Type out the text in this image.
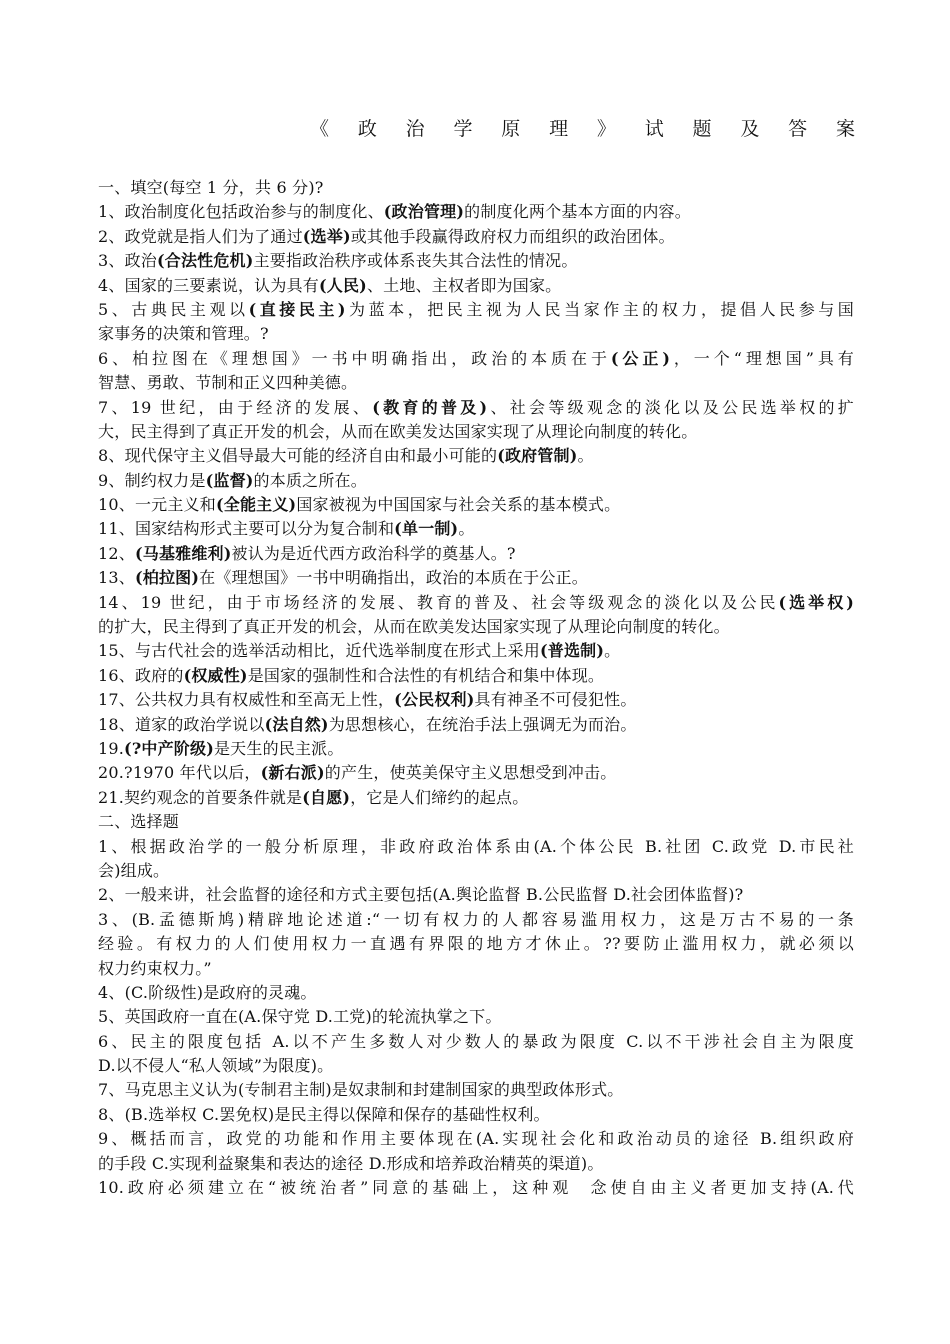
《政治学原理》试题及答案
一、填空(每空 1 分，共 6 分)?
1、政治制度化包括政治参与的制度化、(政治管理)的制度化两个基本方面的内容。
2、政党就是指人们为了通过(选举)或其他手段赢得政府权力而组织的政治团体。
3、政治(合法性危机)主要指政治秩序或体系丧失其合法性的情况。
4、国家的三要素说，认为具有(人民)、土地、主权者即为国家。
5、古典民主观以(直接民主)为蓝本，把民主视为人民当家作主的权力，提倡人民参与国
家事务的决策和管理。?
6、柏拉图在《理想国》一书中明确指出，政治的本质在于(公正)，一个“理想国”具有
智慧、勇敢、节制和正义四种美德。
7、19 世纪，由于经济的发展、(教育的普及)、社会等级观念的淡化以及公民选举权的扩
大，民主得到了真正开发的机会，从而在欧美发达国家实现了从理论向制度的转化。
8、现代保守主义倡导最大可能的经济自由和最小可能的(政府管制)。
9、制约权力是(监督)的本质之所在。
10、一元主义和(全能主义)国家被视为中国国家与社会关系的基本模式。
11、国家结构形式主要可以分为复合制和(单一制)。
12、(马基雅维利)被认为是近代西方政治科学的奠基人。?
13、(柏拉图)在《理想国》一书中明确指出，政治的本质在于公正。
14、19 世纪，由于市场经济的发展、教育的普及、社会等级观念的淡化以及公民(选举权)
的扩大，民主得到了真正开发的机会，从而在欧美发达国家实现了从理论向制度的转化。
15、与古代社会的选举活动相比，近代选举制度在形式上采用(普选制)。
16、政府的(权威性)是国家的强制性和合法性的有机结合和集中体现。
17、公共权力具有权威性和至高无上性，(公民权利)具有神圣不可侵犯性。
18、道家的政治学说以(法自然)为思想核心，在统治手法上强调无为而治。
19.(?中产阶级)是天生的民主派。
20.?1970 年代以后，(新右派)的产生，使英美保守主义思想受到冲击。
21.契约观念的首要条件就是(自愿)，它是人们缔约的起点。
二、选择题
1、根据政治学的一般分析原理，非政府政治体系由(A.个体公民 B.社团 C.政党 D.市民社
会)组成。
2、一般来讲，社会监督的途径和方式主要包括(A.舆论监督 B.公民监督 D.社会团体监督)?
3、(B.孟德斯鸠)精辟地论述道:“一切有权力的人都容易滥用权力，这是万古不易的一条
经验。有权力的人们使用权力一直遇有界限的地方才休止。??要防止滥用权力，就必须以
权力约束权力。”
4、(C.阶级性)是政府的灵魂。
5、英国政府一直在(A.保守党 D.工党)的轮流执掌之下。
6、民主的限度包括 A.以不产生多数人对少数人的暴政为限度 C.以不干涉社会自主为限度
D.以不侵人“私人领域”为限度)。
7、马克思主义认为(专制君主制)是奴隶制和封建制国家的典型政体形式。
8、(B.选举权 C.罢免权)是民主得以保障和保存的基础性权利。
9、概括而言，政党的功能和作用主要体现在(A.实现社会化和政治动员的途径 B.组织政府
的手段 C.实现利益聚集和表达的途径 D.形成和培养政治精英的渠道)。
10.政府必须建立在“被统治者”同意的基础上，这种观  念使自由主义者更加支持(A.代
